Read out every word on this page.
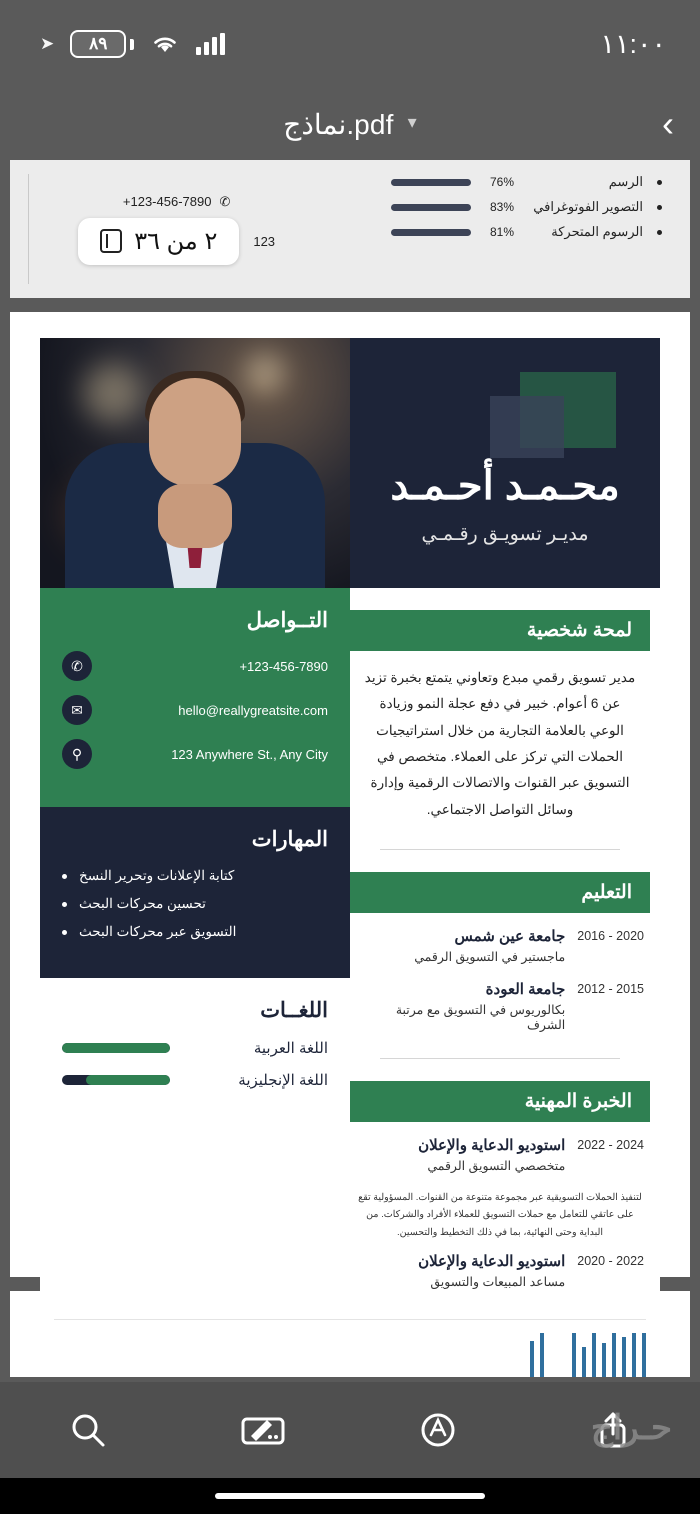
➤	٨٩	١١:٠٠
▾
نماذج.pdf	›
الرسم
76%
التصوير الفوتوغرافي
83%
الرسوم المتحركة
81%
+123-456-7890 ✆
123
٢ من ٣٦
محـمـد أحـمـد
مديـر تسويـق رقـمـي
التــواصل
+123-456-7890
✆
hello@reallygreatsite.com
✉
123 Anywhere St., Any City
⚲
المهارات
كتابة الإعلانات وتحرير النسخ
تحسين محركات البحث
التسويق عبر محركات البحث
اللغــات
اللغة العربية
اللغة الإنجليزية
لمحة شخصية
مدير تسويق رقمي مبدع وتعاوني يتمتع بخبرة تزيد عن 6 أعوام. خبير في دفع عجلة النمو وزيادة الوعي بالعلامة التجارية من خلال استراتيجيات الحملات التي تركز على العملاء. متخصص في التسويق عبر القنوات والاتصالات الرقمية وإدارة وسائل التواصل الاجتماعي.
التعليم
2016 - 2020
جامعة عين شمس
ماجستير في التسويق الرقمي
2012 - 2015
جامعة العودة
بكالوريوس في التسويق مع مرتبة الشرف
الخبرة المهنية
2022 - 2024
استوديو الدعاية والإعلان
متخصصي التسويق الرقمي
لتنفيذ الحملات التسويقية عبر مجموعة متنوعة من القنوات. المسؤولية تقع على عاتقي للتعامل مع حملات التسويق للعملاء الأفراد والشركات. من البداية وحتى النهائية، بما في ذلك التخطيط والتحسين.
2020 - 2022
استوديو الدعاية والإعلان
مساعد المبيعات والتسويق
حـراج
